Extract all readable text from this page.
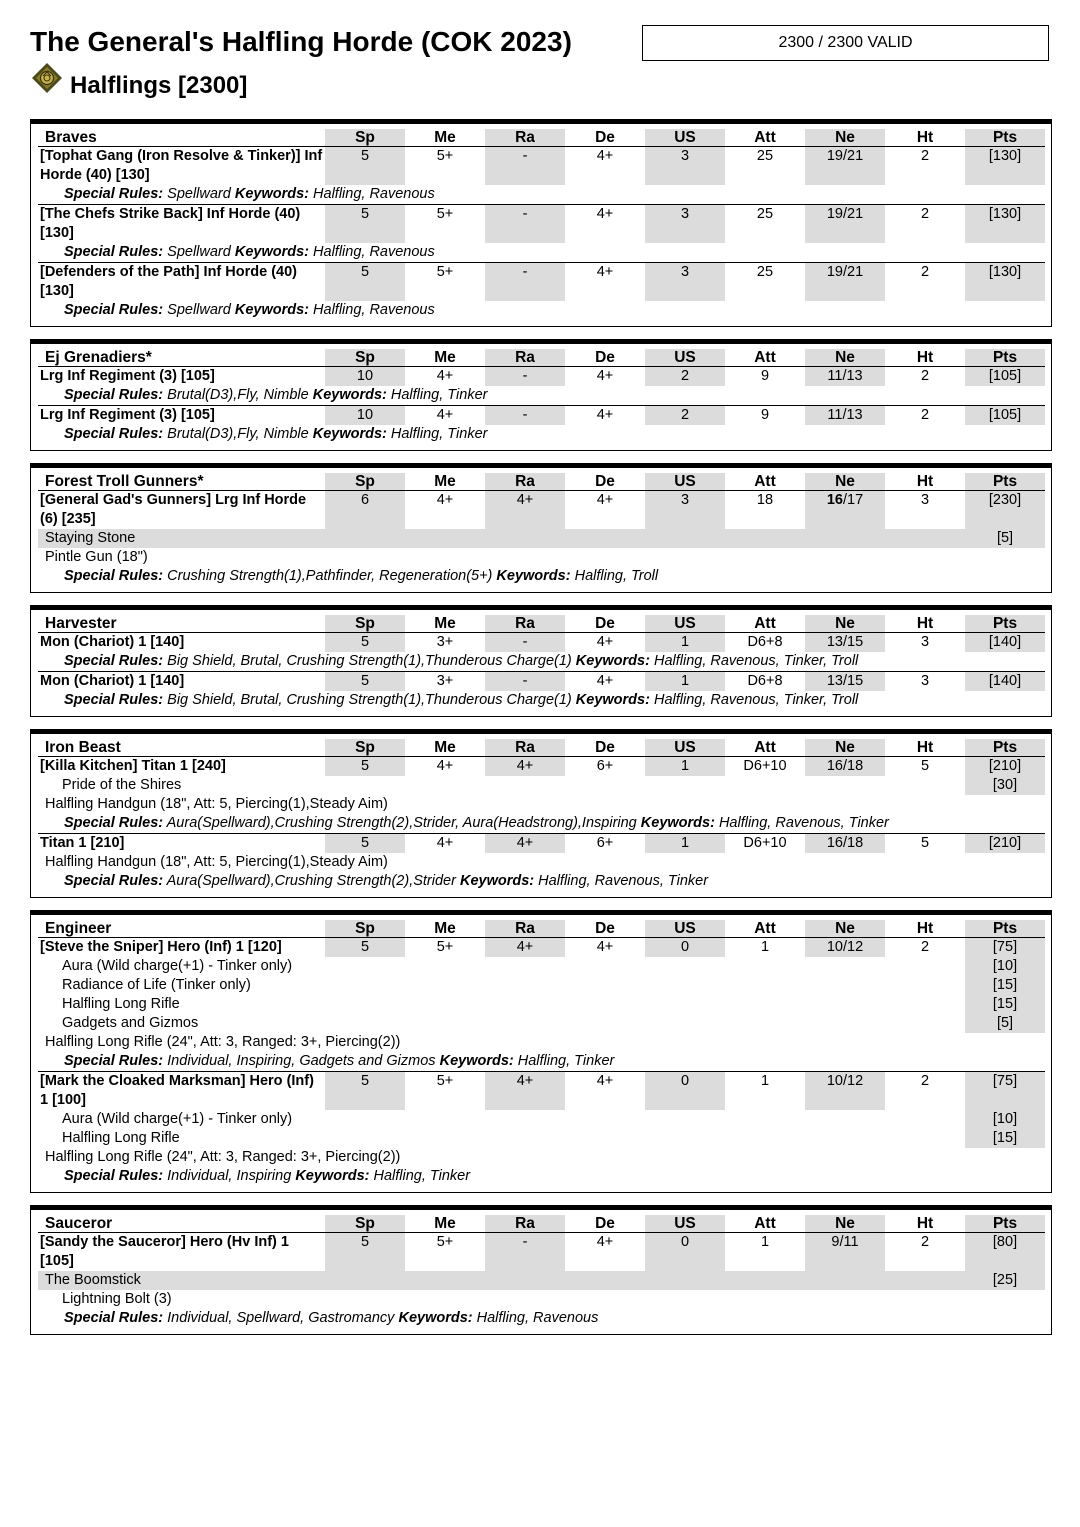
The General's Halfling Horde (COK 2023)	2300 / 2300 VALID
Halflings [2300]
Braves	Sp	Me	Ra	De	US	Att	Ne	Ht	Pts
[Tophat Gang (Iron Resolve & Tinker)] Inf Horde (40) [130]	5	5+	-	4+	3	25	19/21	2	[130]
Special Rules: Spellward Keywords: Halfling, Ravenous									
[The Chefs Strike Back] Inf Horde (40) [130]	5	5+	-	4+	3	25	19/21	2	[130]
Special Rules: Spellward Keywords: Halfling, Ravenous									
[Defenders of the Path] Inf Horde (40) [130]	5	5+	-	4+	3	25	19/21	2	[130]
Special Rules: Spellward Keywords: Halfling, Ravenous									
Ej Grenadiers*	Sp	Me	Ra	De	US	Att	Ne	Ht	Pts
Lrg Inf Regiment (3) [105]	10	4+	-	4+	2	9	11/13	2	[105]
Special Rules: Brutal(D3),Fly, Nimble Keywords: Halfling, Tinker									
Lrg Inf Regiment (3) [105]	10	4+	-	4+	2	9	11/13	2	[105]
Special Rules: Brutal(D3),Fly, Nimble Keywords: Halfling, Tinker									
Forest Troll Gunners*	Sp	Me	Ra	De	US	Att	Ne	Ht	Pts
[General Gad's Gunners] Lrg Inf Horde (6) [235]	6	4+	4+	4+	3	18	16/17	3	[230]
Staying Stone									[5]
Pintle Gun (18")									
Special Rules: Crushing Strength(1),Pathfinder, Regeneration(5+) Keywords: Halfling, Troll									
Harvester	Sp	Me	Ra	De	US	Att	Ne	Ht	Pts
Mon (Chariot) 1 [140]	5	3+	-	4+	1	D6+8	13/15	3	[140]
Special Rules: Big Shield, Brutal, Crushing Strength(1),Thunderous Charge(1) Keywords: Halfling, Ravenous, Tinker, Troll									
Mon (Chariot) 1 [140]	5	3+	-	4+	1	D6+8	13/15	3	[140]
Special Rules: Big Shield, Brutal, Crushing Strength(1),Thunderous Charge(1) Keywords: Halfling, Ravenous, Tinker, Troll									
Iron Beast	Sp	Me	Ra	De	US	Att	Ne	Ht	Pts
[Killa Kitchen] Titan 1 [240]	5	4+	4+	6+	1	D6+10	16/18	5	[210]
Pride of the Shires									[30]
Halfling Handgun (18", Att: 5, Piercing(1),Steady Aim)									
Special Rules: Aura(Spellward),Crushing Strength(2),Strider, Aura(Headstrong),Inspiring Keywords: Halfling, Ravenous, Tinker									
Titan 1 [210]	5	4+	4+	6+	1	D6+10	16/18	5	[210]
Halfling Handgun (18", Att: 5, Piercing(1),Steady Aim)									
Special Rules: Aura(Spellward),Crushing Strength(2),Strider Keywords: Halfling, Ravenous, Tinker									
Engineer	Sp	Me	Ra	De	US	Att	Ne	Ht	Pts
[Steve the Sniper] Hero (Inf) 1 [120]	5	5+	4+	4+	0	1	10/12	2	[75]
Aura (Wild charge(+1) - Tinker only)									[10]
Radiance of Life (Tinker only)									[15]
Halfling Long Rifle									[15]
Gadgets and Gizmos									[5]
Halfling Long Rifle (24", Att: 3, Ranged: 3+, Piercing(2))									
Special Rules: Individual, Inspiring, Gadgets and Gizmos Keywords: Halfling, Tinker									
[Mark the Cloaked Marksman] Hero (Inf) 1 [100]	5	5+	4+	4+	0	1	10/12	2	[75]
Aura (Wild charge(+1) - Tinker only)									[10]
Halfling Long Rifle									[15]
Halfling Long Rifle (24", Att: 3, Ranged: 3+, Piercing(2))									
Special Rules: Individual, Inspiring Keywords: Halfling, Tinker									
Sauceror	Sp	Me	Ra	De	US	Att	Ne	Ht	Pts
[Sandy the Sauceror] Hero (Hv Inf) 1 [105]	5	5+	-	4+	0	1	9/11	2	[80]
The Boomstick									[25]
Lightning Bolt (3)									
Special Rules: Individual, Spellward, Gastromancy Keywords: Halfling, Ravenous									
